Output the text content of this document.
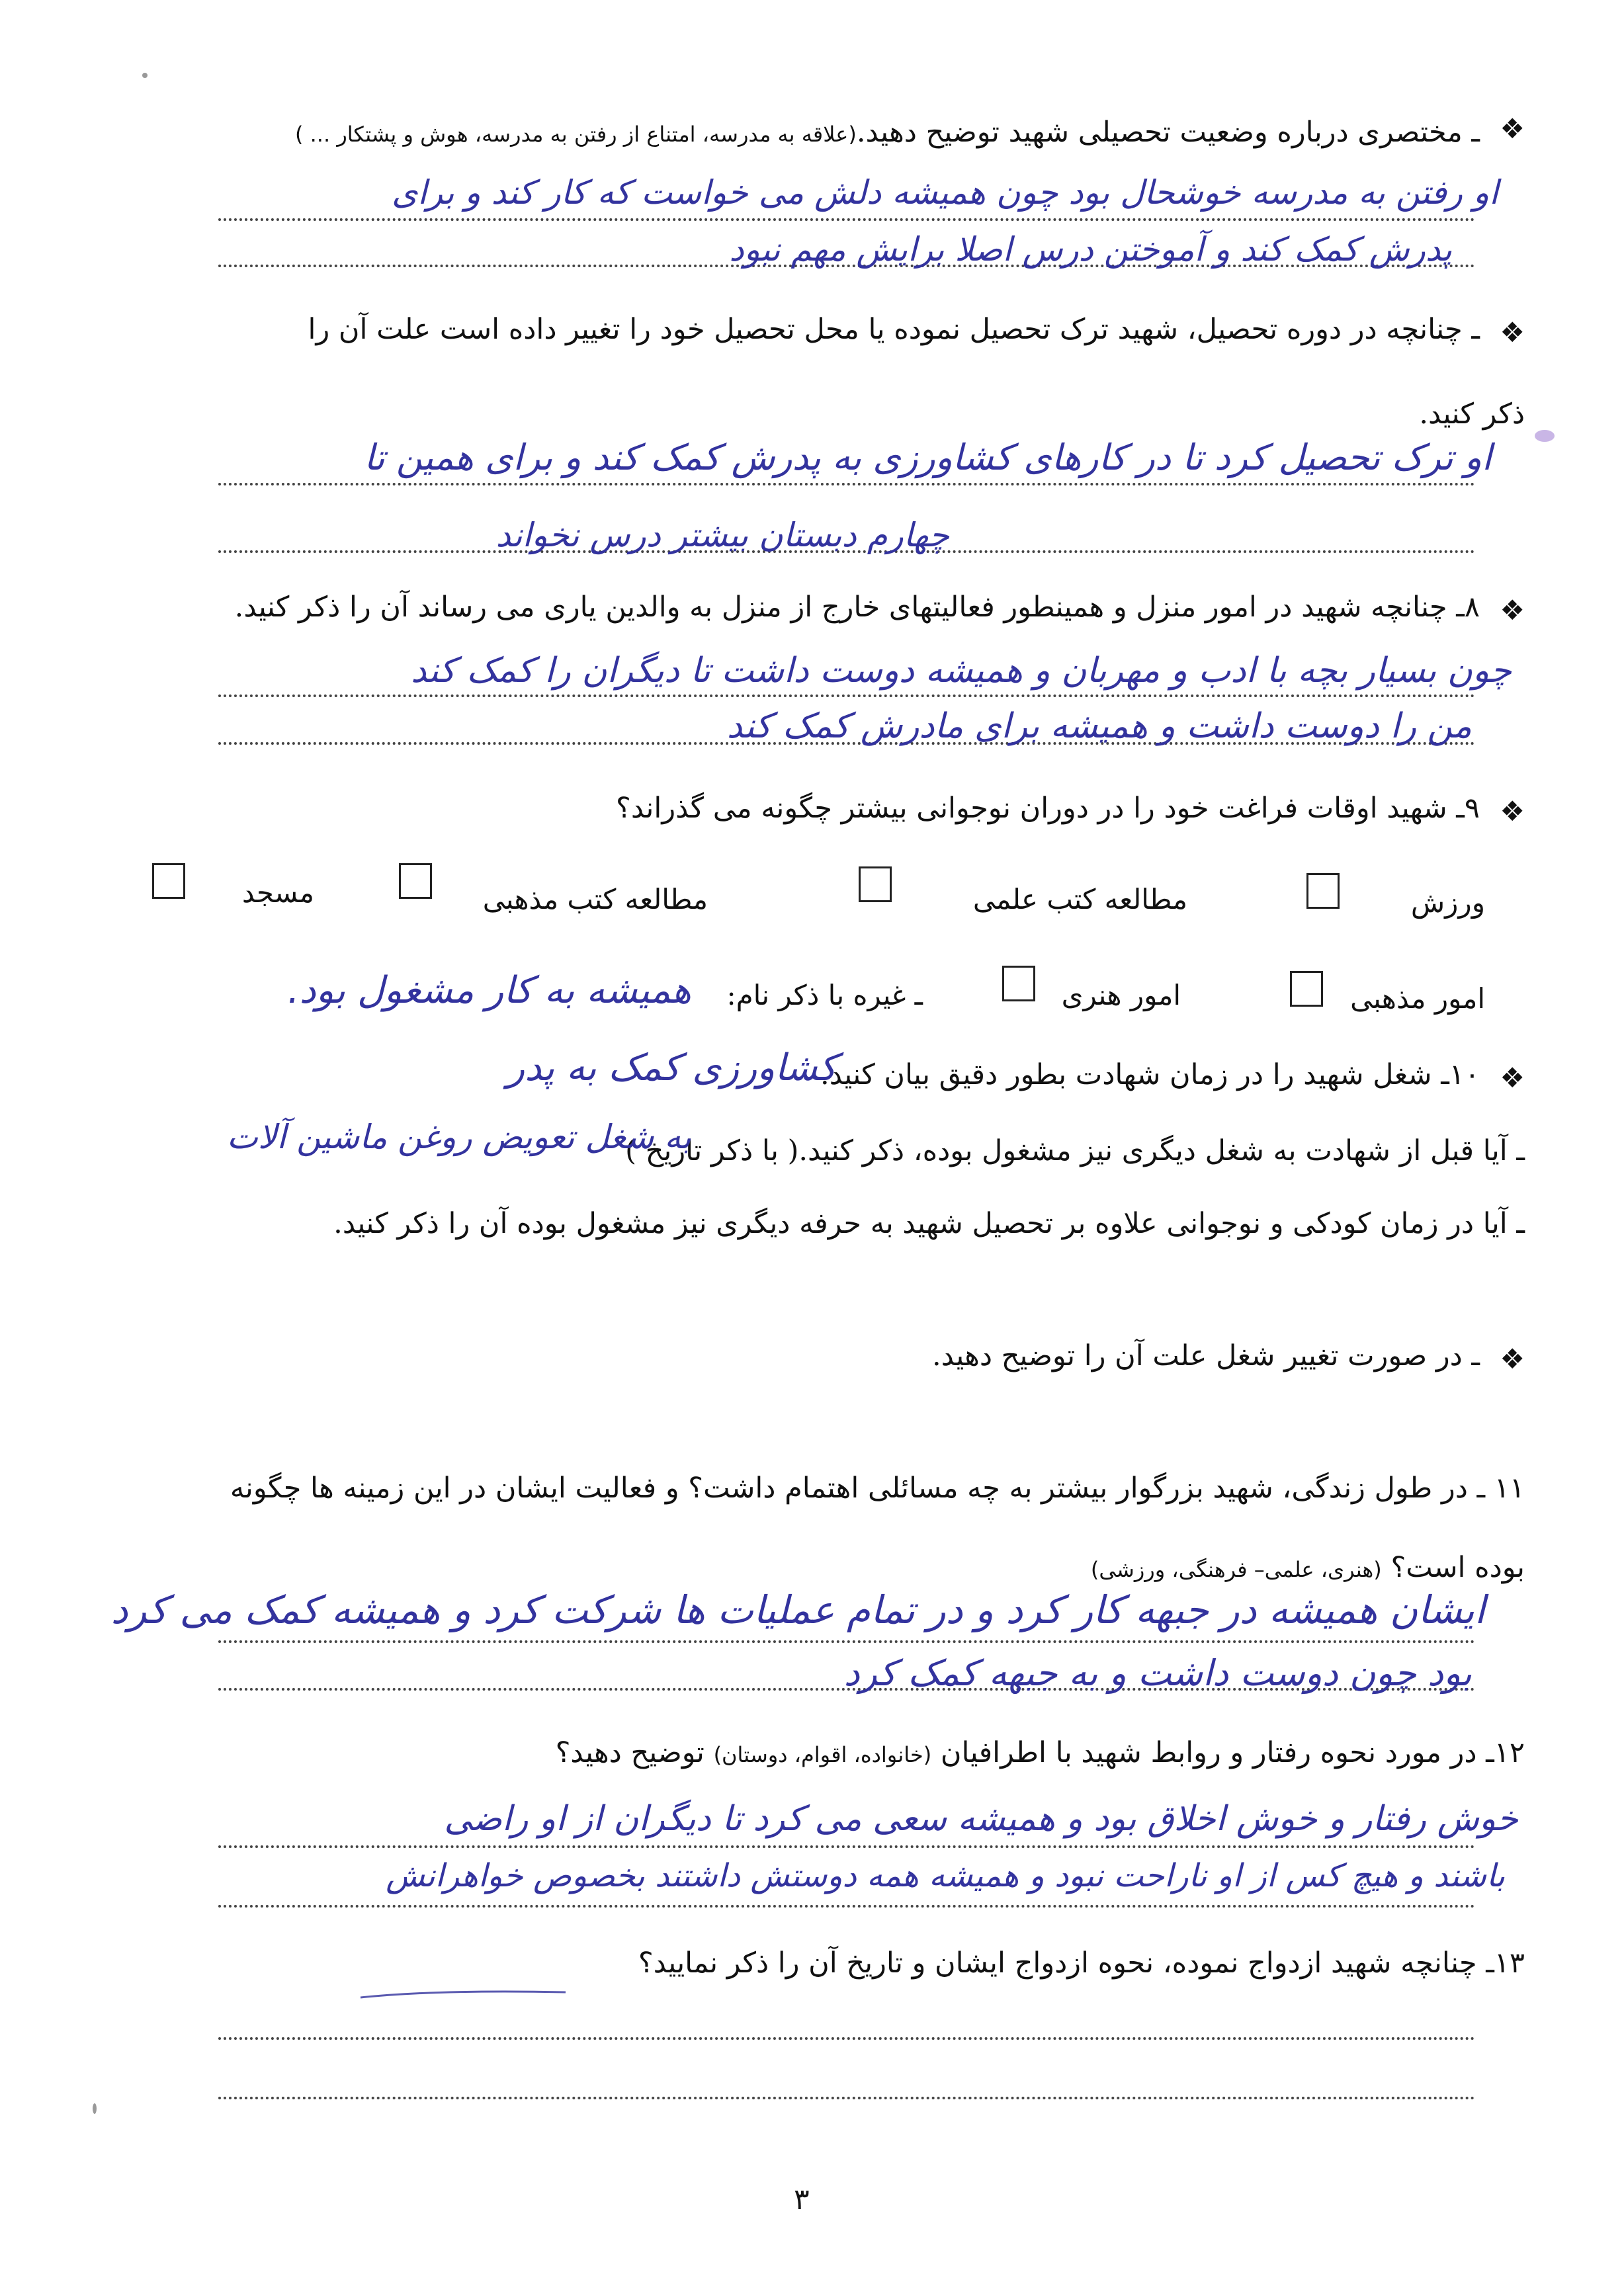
❖
ـ مختصری درباره وضعیت تحصیلی شهید توضیح دهید.(علاقه به مدرسه، امتناع از رفتن به مدرسه، هوش و پشتکار ... )
او رفتن به مدرسه خوشحال بود چون همیشه دلش می خواست که کار کند و برای
پدرش کمک کند و آموختن درس اصلا برایش مهم نبود
❖
ـ چنانچه در دوره تحصیل، شهید ترک تحصیل نموده یا محل تحصیل خود را تغییر داده است علت آن را
ذکر کنید.
او ترک تحصیل کرد تا در کارهای کشاورزی به پدرش کمک کند و برای همین تا
چهارم دبستان بیشتر درس نخواند
❖
۸ـ چنانچه شهید در امور منزل و همینطور فعالیتهای خارج از منزل به والدین یاری می رساند آن را ذکر کنید.
چون بسیار بچه با ادب و مهربان و همیشه دوست داشت تا دیگران را کمک کند
من را دوست داشت و همیشه برای مادرش کمک کند
❖
۹ـ شهید اوقات فراغت خود را در دوران نوجوانی بیشتر چگونه می گذراند؟
ورزش
مطالعه کتب علمی
مطالعه کتب مذهبی
مسجد
امور مذهبی
امور هنری
ـ غیره با ذکر نام:
همیشه به کار مشغول بود.
❖
۱۰ـ شغل شهید را در زمان شهادت بطور دقیق بیان کنید.
کشاورزی کمک به پدر
ـ آیا قبل از شهادت به شغل دیگری نیز مشغول بوده، ذکر کنید.( با ذکر تاریخ )
به شغل تعویض روغن ماشین آلات
ـ آیا در زمان کودکی و نوجوانی علاوه بر تحصیل شهید به حرفه دیگری نیز مشغول بوده آن را ذکر کنید.
❖
ـ در صورت تغییر شغل علت آن را توضیح دهید.
۱۱ ـ در طول زندگی، شهید بزرگوار بیشتر به چه مسائلی اهتمام داشت؟ و فعالیت ایشان در این زمینه ها چگونه
بوده است؟ (هنری، علمی– فرهنگی، ورزشی)
ایشان همیشه در جبهه کار کرد و در تمام عملیات ها شرکت کرد و همیشه کمک می کرد
بود چون دوست داشت و به جبهه کمک کرد
۱۲ـ در مورد نحوه رفتار و روابط شهید با اطرافیان (خانواده، اقوام، دوستان) توضیح دهید؟
خوش رفتار و خوش اخلاق بود و همیشه سعی می کرد تا دیگران از او راضی
باشند و هیچ کس از او ناراحت نبود و همیشه همه دوستش داشتند بخصوص خواهرانش
۱۳ـ چنانچه شهید ازدواج نموده، نحوه ازدواج ایشان و تاریخ آن را ذکر نمایید؟
۳
